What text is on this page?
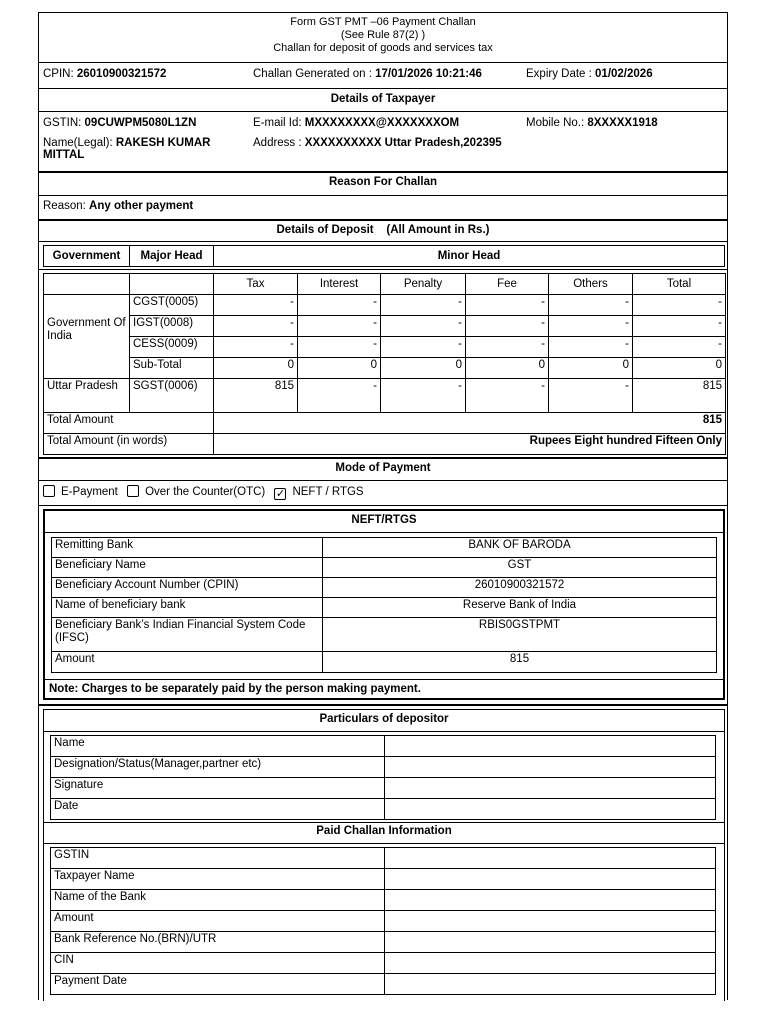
Form GST PMT –06 Payment Challan
(See Rule 87(2) )
Challan for deposit of goods and services tax
CPIN: 26010900321572	Challan Generated on : 17/01/2026 10:21:46	Expiry Date : 01/02/2026
Details of Taxpayer
GSTIN: 09CUWPM5080L1ZN	E-mail Id: MXXXXXXXX@XXXXXXXOM	Mobile No.: 8XXXXX1918
Name(Legal): RAKESH KUMAR
MITTAL
Address : XXXXXXXXXX Uttar Pradesh,202395
Reason For Challan
Reason: Any other payment
Details of Deposit    (All Amount in Rs.)
Government	Major Head	Minor Head
		Tax	Interest	Penalty	Fee	Others	Total
Government Of India	CGST(0005)	-	-	-	-	-	-
	IGST(0008)	-	-	-	-	-	-
	CESS(0009)	-	-	-	-	-	-
	Sub-Total	0	0	0	0	0	0
Uttar Pradesh	SGST(0006)	815	-	-	-	-	815
Total Amount		815					
Total Amount (in words)		Rupees Eight hundred Fifteen Only					
Mode of Payment
E-Payment Over the Counter(OTC) ✓ NEFT / RTGS
NEFT/RTGS
Remitting Bank	BANK OF BARODA
Beneficiary Name	GST
Beneficiary Account Number (CPIN)	26010900321572
Name of beneficiary bank	Reserve Bank of India
Beneficiary Bank’s Indian Financial System Code (IFSC)	RBIS0GSTPMT
Amount	815
Note: Charges to be separately paid by the person making payment.
Particulars of depositor
Name	
Designation/Status(Manager,partner etc)	
Signature	
Date	
Paid Challan Information
GSTIN	
Taxpayer Name	
Name of the Bank	
Amount	
Bank Reference No.(BRN)/UTR	
CIN	
Payment Date	
